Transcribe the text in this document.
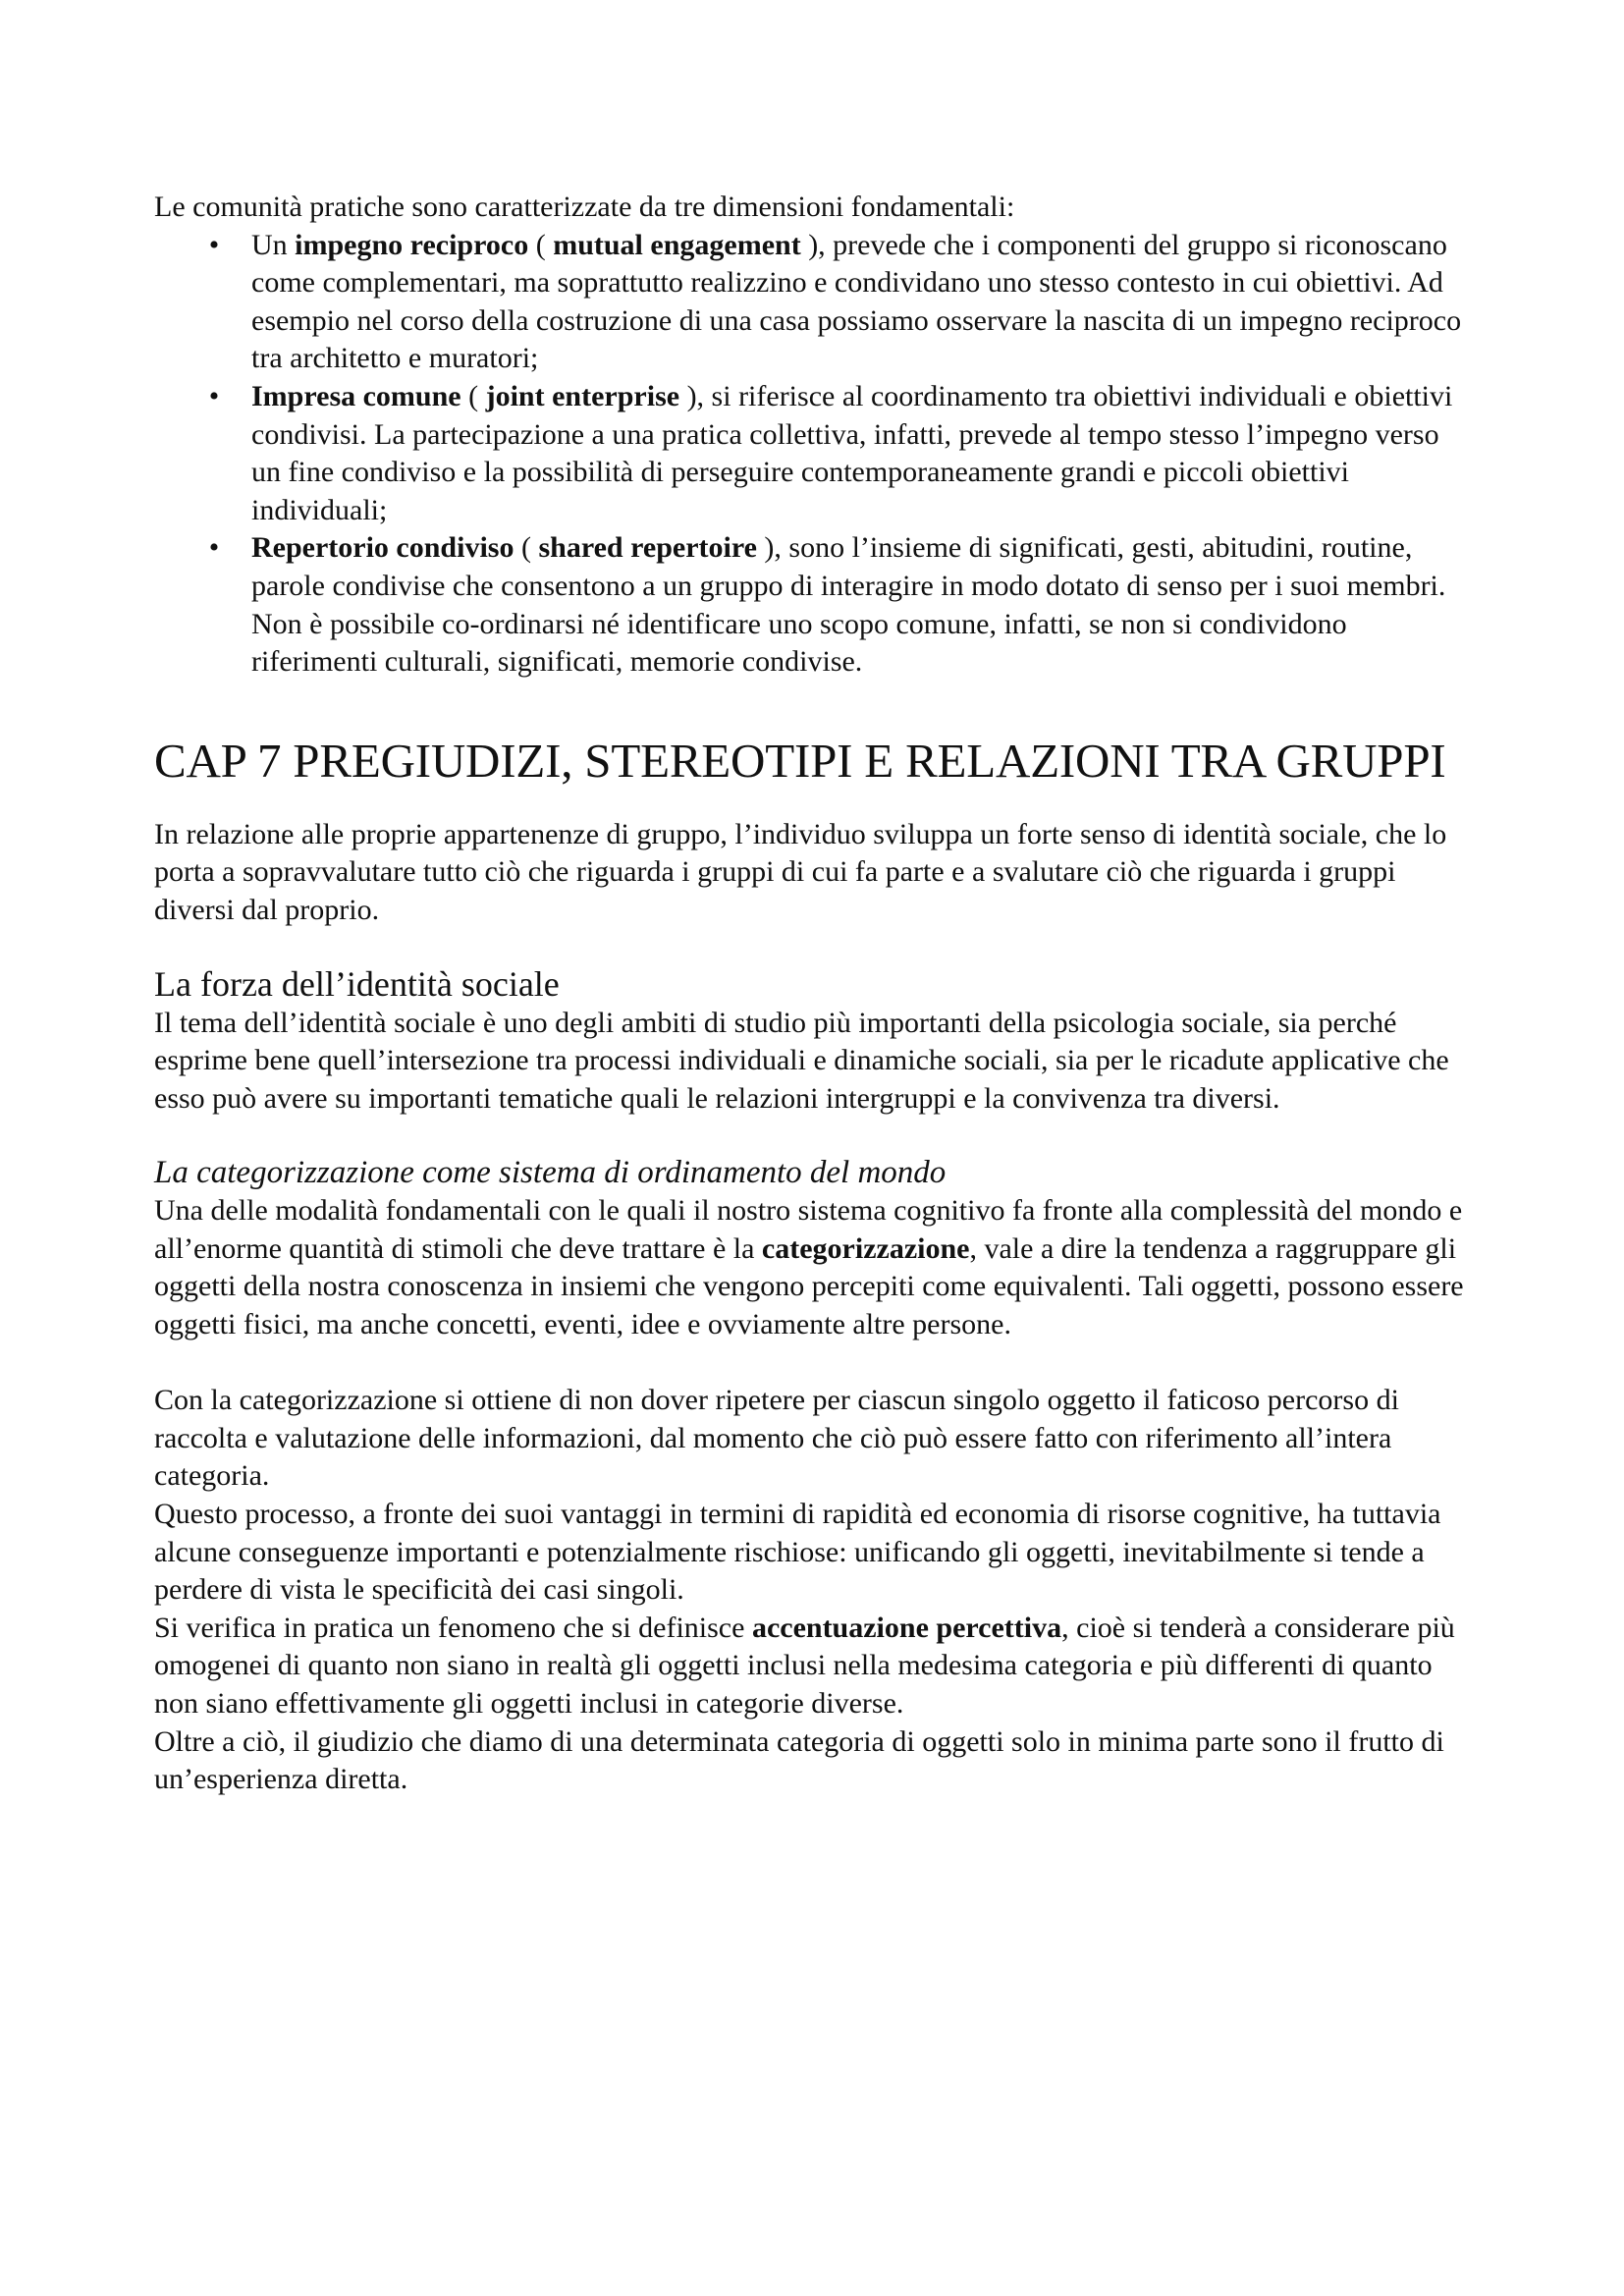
Le comunità pratiche sono caratterizzate da tre dimensioni fondamentali:

• Un impegno reciproco ( mutual engagement ), prevede che i componenti del gruppo si riconoscano come complementari, ma soprattutto realizzino e condividano uno stesso contesto in cui obiettivi. Ad esempio nel corso della costruzione di una casa possiamo osservare la nascita di un impegno reciproco tra architetto e muratori;
• Impresa comune ( joint enterprise ), si riferisce al coordinamento tra obiettivi individuali e obiettivi condivisi. La partecipazione a una pratica collettiva, infatti, prevede al tempo stesso l’impegno verso un fine condiviso e la possibilità di perseguire contemporaneamente grandi e piccoli obiettivi individuali;
• Repertorio condiviso ( shared repertoire ), sono l’insieme di significati, gesti, abitudini, routine, parole condivise che consentono a un gruppo di interagire in modo dotato di senso per i suoi membri. Non è possibile co-ordinarsi né identificare uno scopo comune, infatti, se non si condividono riferimenti culturali, significati, memorie condivise.
CAP 7 PREGIUDIZI, STEREOTIPI E RELAZIONI TRA GRUPPI

In relazione alle proprie appartenenze di gruppo, l’individuo sviluppa un forte senso di identità sociale, che lo porta a sopravvalutare tutto ciò che riguarda i gruppi di cui fa parte e a svalutare ciò che riguarda i gruppi diversi dal proprio.

La forza dell’identità sociale

Il tema dell’identità sociale è uno degli ambiti di studio più importanti della psicologia sociale, sia perché esprime bene quell’intersezione tra processi individuali e dinamiche sociali, sia per le ricadute applicative che esso può avere su importanti tematiche quali le relazioni intergruppi e la convivenza tra diversi.

La categorizzazione come sistema di ordinamento del mondo

Una delle modalità fondamentali con le quali il nostro sistema cognitivo fa fronte alla complessità del mondo e all’enorme quantità di stimoli che deve trattare è la categorizzazione, vale a dire la tendenza a raggruppare gli oggetti della nostra conoscenza in insiemi che vengono percepiti come equivalenti. Tali oggetti, possono essere oggetti fisici, ma anche concetti, eventi, idee e ovviamente altre persone.

Con la categorizzazione si ottiene di non dover ripetere per ciascun singolo oggetto il faticoso percorso di raccolta e valutazione delle informazioni, dal momento che ciò può essere fatto con riferimento all’intera categoria.

Questo processo, a fronte dei suoi vantaggi in termini di rapidità ed economia di risorse cognitive, ha tuttavia alcune conseguenze importanti e potenzialmente rischiose: unificando gli oggetti, inevitabilmente si tende a perdere di vista le specificità dei casi singoli.

Si verifica in pratica un fenomeno che si definisce accentuazione percettiva, cioè si tenderà a considerare più omogenei di quanto non siano in realtà gli oggetti inclusi nella medesima categoria e più differenti di quanto non siano effettivamente gli oggetti inclusi in categorie diverse.

Oltre a ciò, il giudizio che diamo di una determinata categoria di oggetti solo in minima parte sono il frutto di un’esperienza diretta.
